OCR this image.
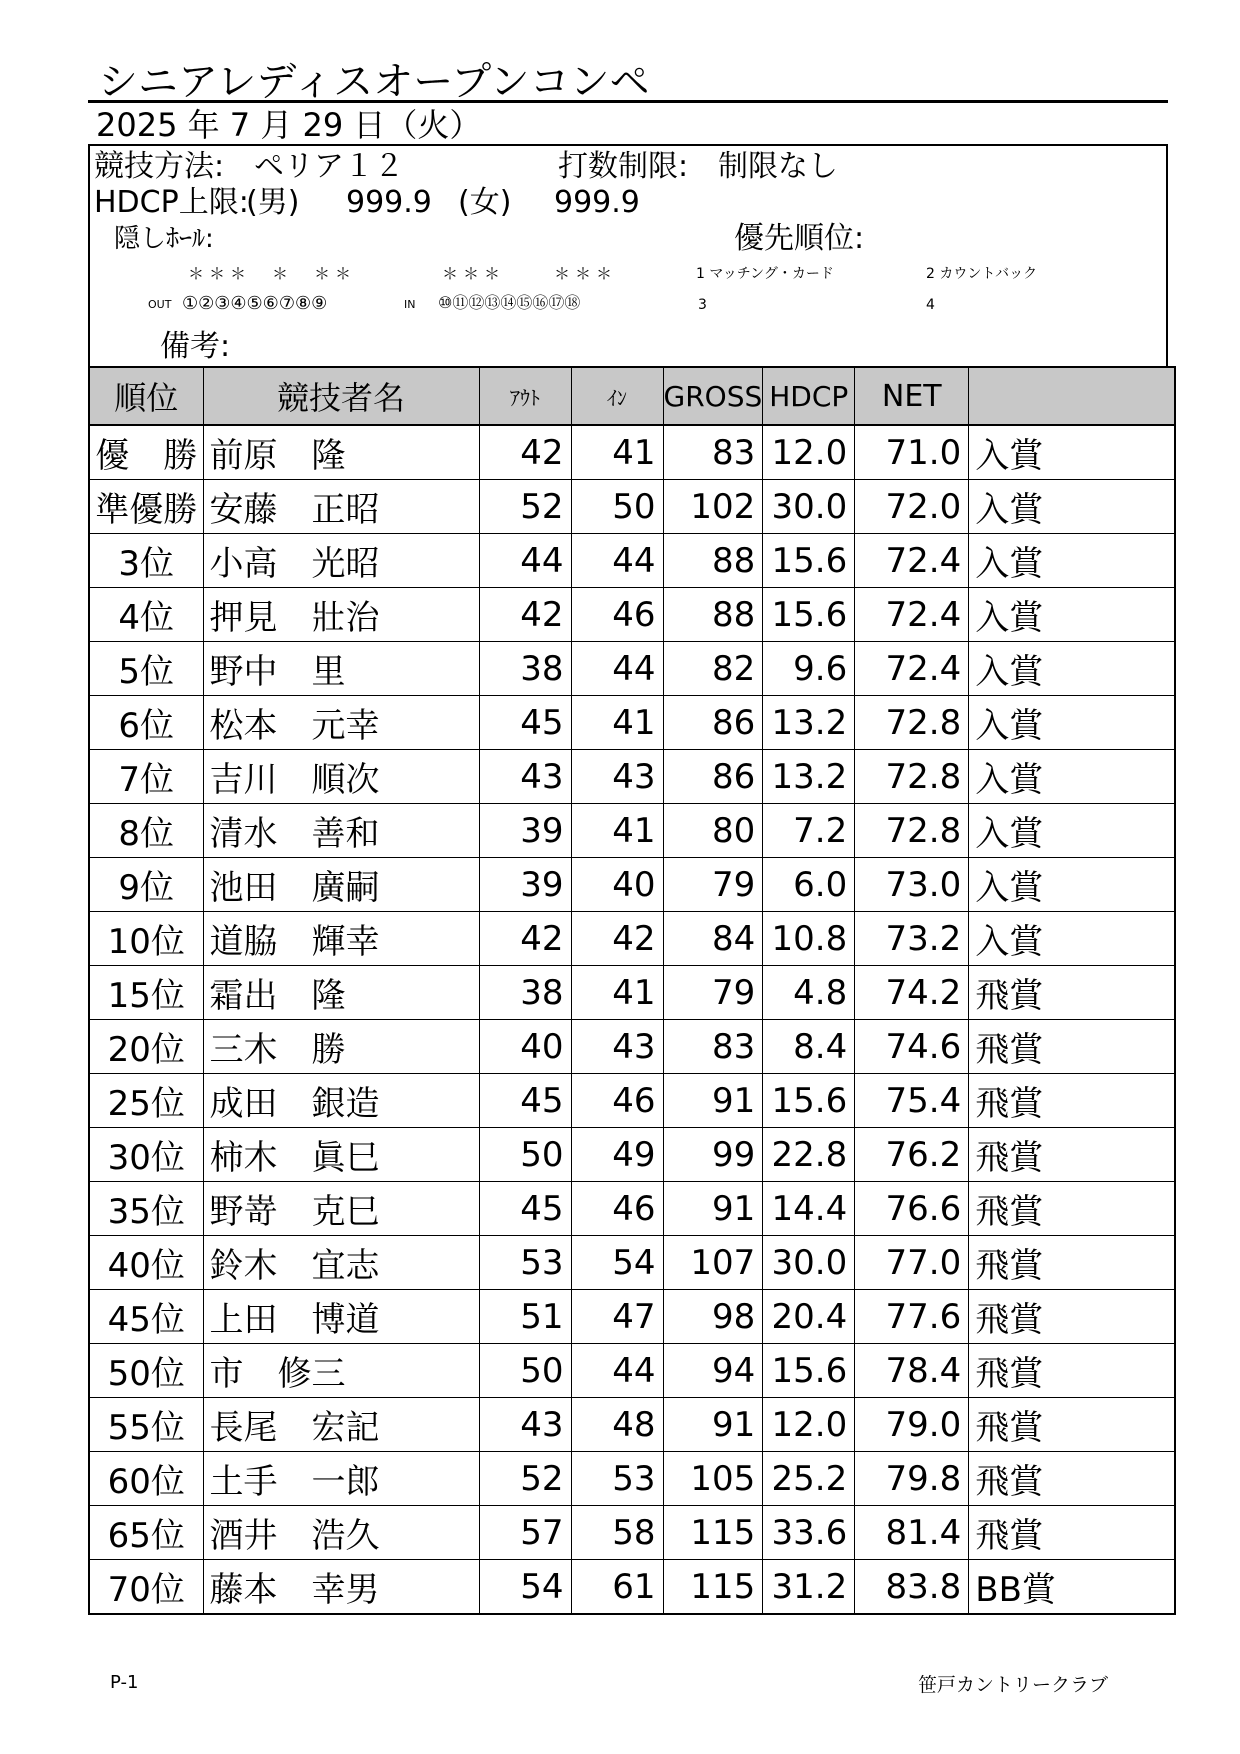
シニアレディスオープンコンペ
2025 年 7 月 29 日（火）
競技方法: ペリア１２	打数制限: 制限なし
HDCP上限:
(男) 999.9 (女) 999.9
隠しﾎｰﾙ:	優先順位:
＊＊＊　＊　＊＊	＊＊＊	＊＊＊	1 マッチング・カード	2 カウントバック
OUT ①②③④⑤⑥⑦⑧⑨	IN ⑩⑪⑫⑬⑭⑮⑯⑰⑱	3	4
備考:
順位	競技者名	ｱｳﾄ	ｲﾝ	GROSS	HDCP	NET	
優　勝	前原　隆	42	41	83	12.0	71.0	入賞
準優勝	安藤　正昭	52	50	102	30.0	72.0	入賞
3位	小高　光昭	44	44	88	15.6	72.4	入賞
4位	押見　壯治	42	46	88	15.6	72.4	入賞
5位	野中　里	38	44	82	9.6	72.4	入賞
6位	松本　元幸	45	41	86	13.2	72.8	入賞
7位	吉川　順次	43	43	86	13.2	72.8	入賞
8位	清水　善和	39	41	80	7.2	72.8	入賞
9位	池田　廣嗣	39	40	79	6.0	73.0	入賞
10位	道脇　輝幸	42	42	84	10.8	73.2	入賞
15位	霜出　隆	38	41	79	4.8	74.2	飛賞
20位	三木　勝	40	43	83	8.4	74.6	飛賞
25位	成田　銀造	45	46	91	15.6	75.4	飛賞
30位	柿木　眞巳	50	49	99	22.8	76.2	飛賞
35位	野嵜　克巳	45	46	91	14.4	76.6	飛賞
40位	鈴木　宜志	53	54	107	30.0	77.0	飛賞
45位	上田　博道	51	47	98	20.4	77.6	飛賞
50位	市　修三	50	44	94	15.6	78.4	飛賞
55位	長尾　宏記	43	48	91	12.0	79.0	飛賞
60位	土手　一郎	52	53	105	25.2	79.8	飛賞
65位	酒井　浩久	57	58	115	33.6	81.4	飛賞
70位	藤本　幸男	54	61	115	31.2	83.8	BB賞
P-1	笹戸カントリークラブ
